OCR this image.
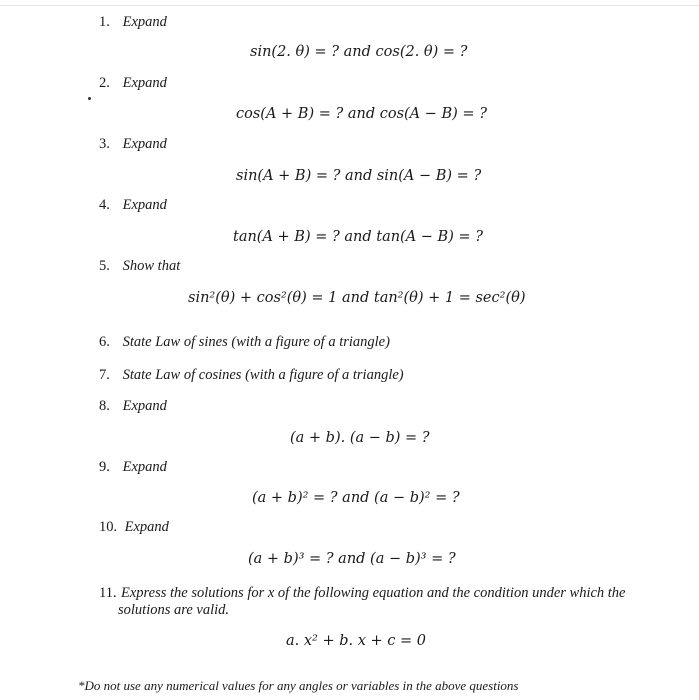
1. Expand
sin(2. θ) = ? and cos(2. θ) = ?
2. Expand
cos(A + B) = ? and cos(A − B) = ?
3. Expand
sin(A + B) = ? and sin(A − B) = ?
4. Expand
tan(A + B) = ? and tan(A − B) = ?
5. Show that
sin²(θ) + cos²(θ) = 1 and tan²(θ) + 1 = sec²(θ)
6. State Law of sines (with a figure of a triangle)
7. State Law of cosines (with a figure of a triangle)
8. Expand
(a + b). (a − b) = ?
9. Expand
(a + b)² = ? and (a − b)² = ?
10. Expand
(a + b)³ = ? and (a − b)³ = ?
11. Express the solutions for x of the following equation and the condition under which the
solutions are valid.
a. x² + b. x + c = 0
*Do not use any numerical values for any angles or variables in the above questions
